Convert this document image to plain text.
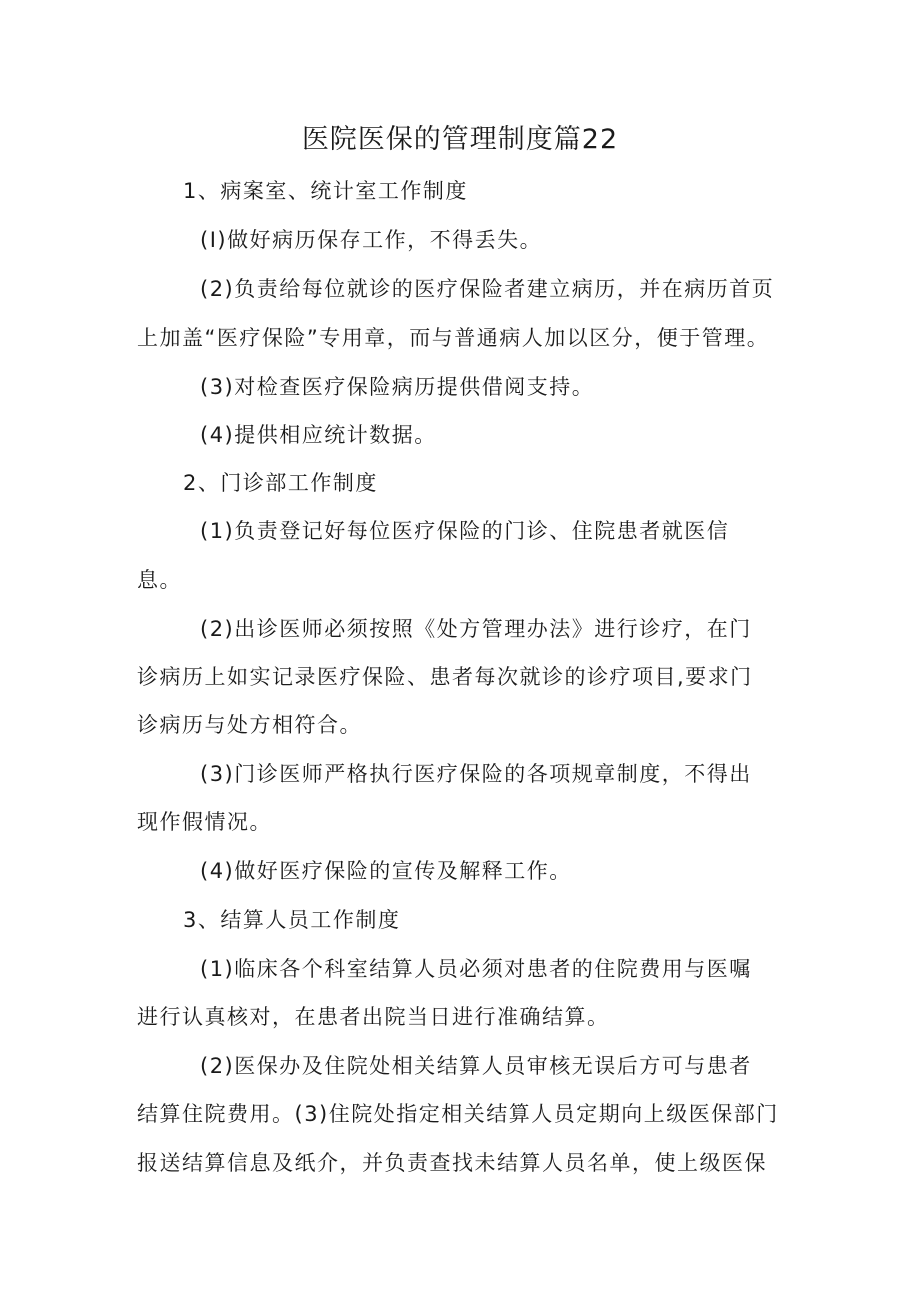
医院医保的管理制度篇22
1、病案室、统计室工作制度
(I)做好病历保存工作，不得丢失。
(2)负责给每位就诊的医疗保险者建立病历，并在病历首页
上加盖“医疗保险”专用章，而与普通病人加以区分，便于管理。
(3)对检查医疗保险病历提供借阅支持。
(4)提供相应统计数据。
2、门诊部工作制度
(1)负责登记好每位医疗保险的门诊、住院患者就医信
息。
(2)出诊医师必须按照《处方管理办法》进行诊疗，在门
诊病历上如实记录医疗保险、患者每次就诊的诊疗项目,要求门
诊病历与处方相符合。
(3)门诊医师严格执行医疗保险的各项规章制度，不得出
现作假情况。
(4)做好医疗保险的宣传及解释工作。
3、结算人员工作制度
(1)临床各个科室结算人员必须对患者的住院费用与医嘱
进行认真核对，在患者出院当日进行准确结算。
(2)医保办及住院处相关结算人员审核无误后方可与患者
结算住院费用。(3)住院处指定相关结算人员定期向上级医保部门
报送结算信息及纸介，并负责查找未结算人员名单，使上级医保
